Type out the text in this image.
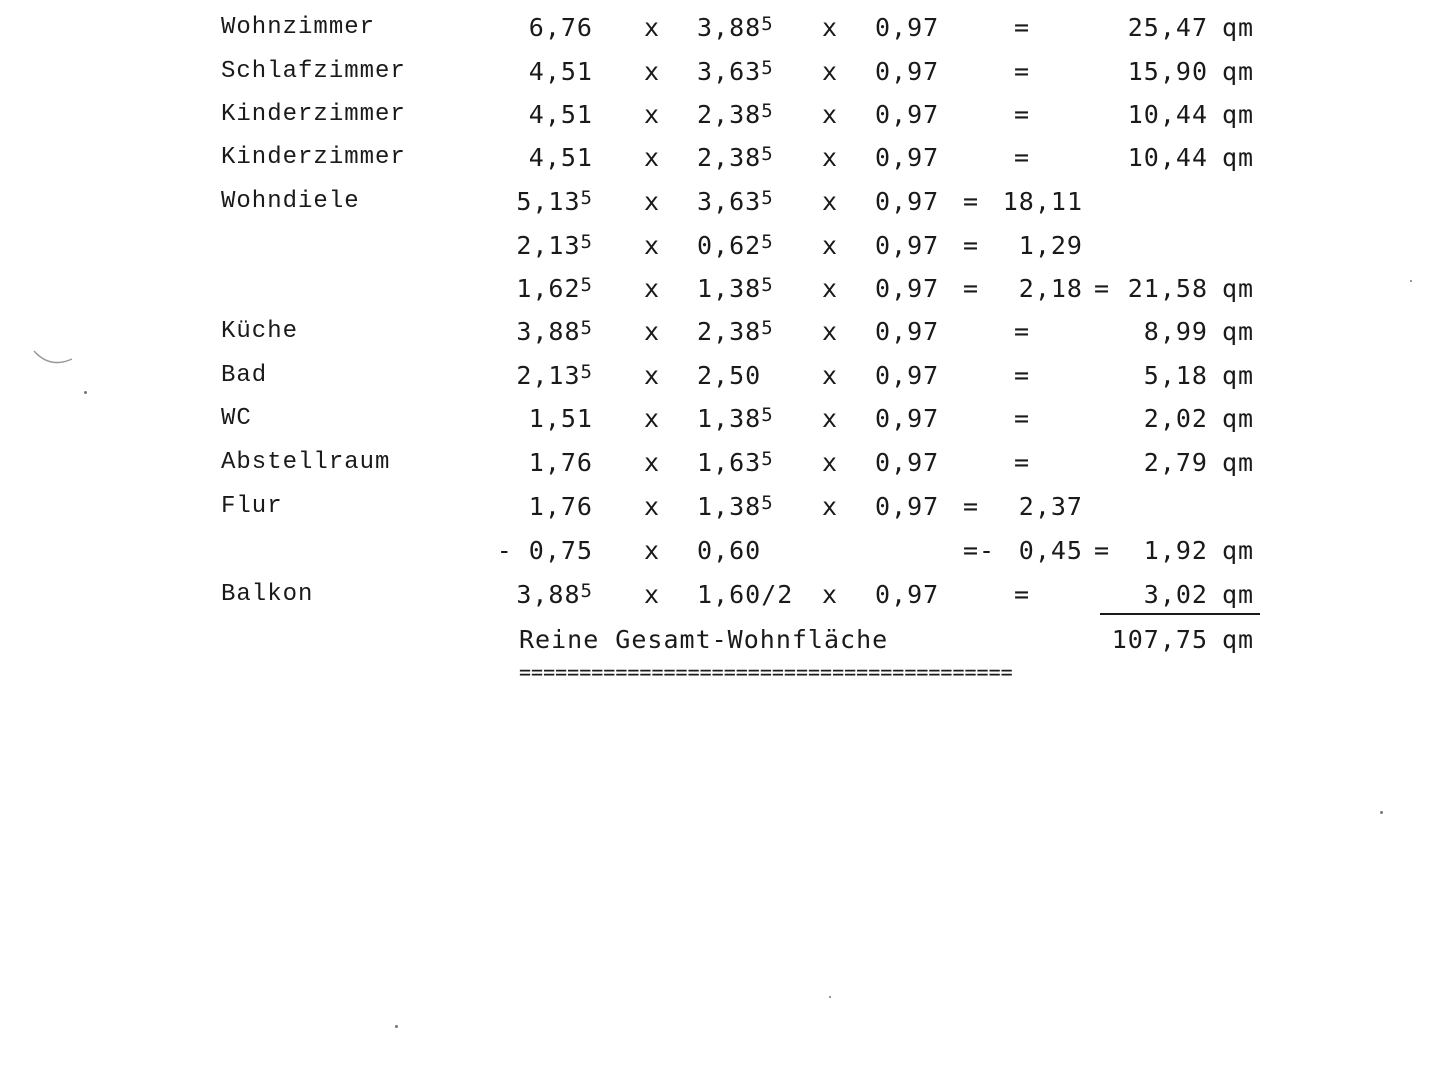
Wohnzimmer	6,76 x 3,88$^5$ x 0,97	=	25,47 qm
Schlafzimmer	4,51 x 3,63$^5$ x 0,97	=	15,90 qm
Kinderzimmer	4,51 x 2,38$^5$ x 0,97	=	10,44 qm
Kinderzimmer	4,51 x 2,38$^5$ x 0,97	=	10,44 qm
Wohndiele	5,13$^5$ x 3,63$^5$ x 0,97 = 18,11
2,13$^5$ x 0,62$^5$ x 0,97 =	1,29
1,62$^5$ x 1,38$^5$ x 0,97 =	2,18 = 21,58 qm
Küche	3,88$^5$ x 2,38$^5$ x 0,97	=	8,99 qm
Bad	2,13$^5$ x 2,50 x 0,97	=	5,18 qm
WC	1,51 x 1,38$^5$ x 0,97	=	2,02 qm
Abstellraum	1,76 x 1,63$^5$ x 0,97	=	2,79 qm
Flur	1,76 x 1,38$^5$ x 0,97 =	2,37
- 0,75 x 0,60	=- 0,45 =	1,92 qm
Balkon	3,88$^5$ x 1,60/2 x 0,97	=	3,02 qm
Reine Gesamt-Wohnfläche	107,75 qm
=========================================
